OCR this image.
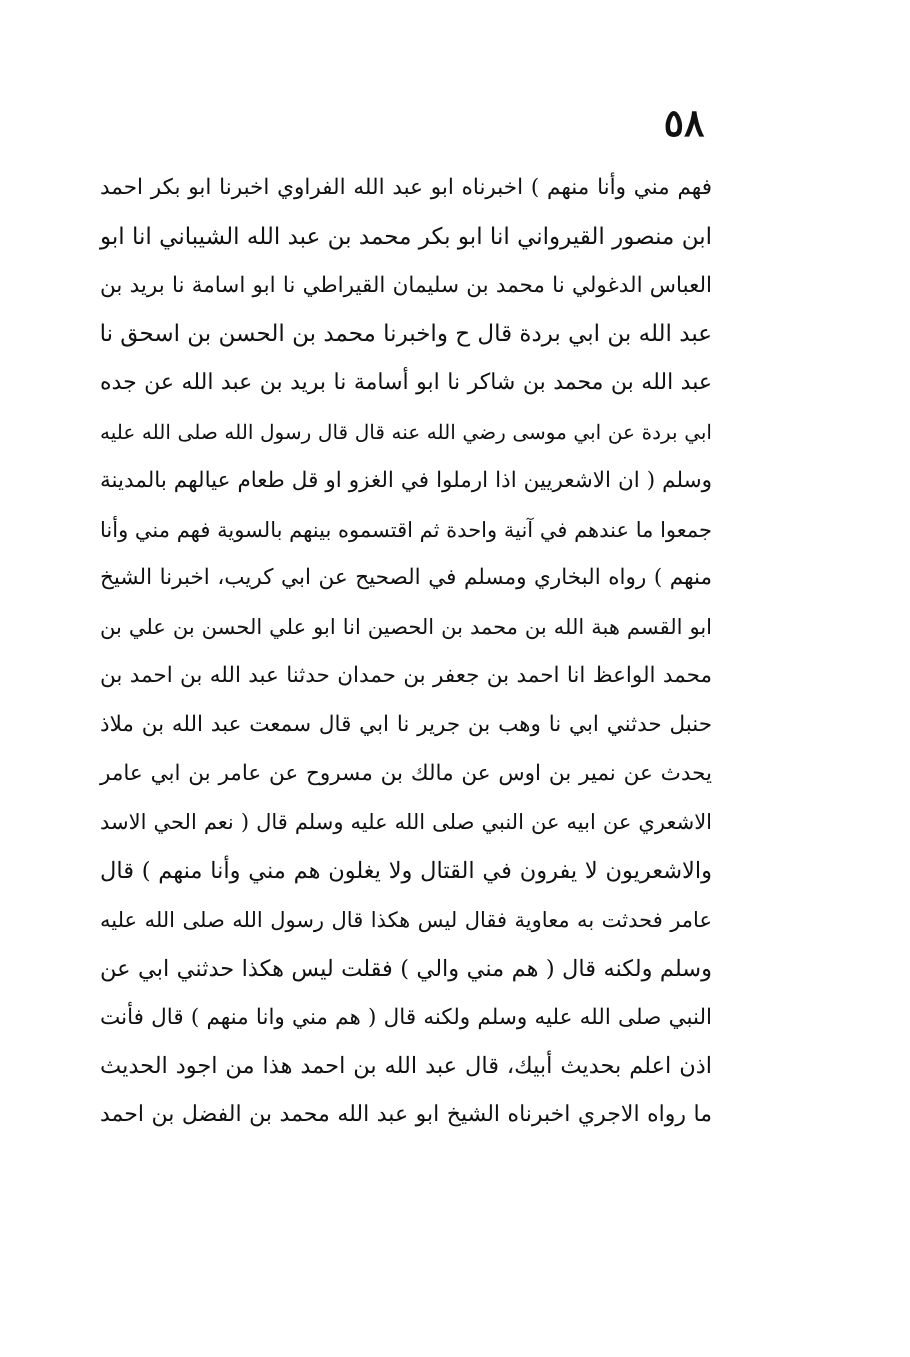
٥٨
فهم مني وأنا منهم ) اخبرناه ابو عبد الله الفراوي اخبرنا ابو بكر احمد
ابن منصور القيرواني انا ابو بكر محمد بن عبد الله الشيباني انا ابو
العباس الدغولي نا محمد بن سليمان القيراطي نا ابو اسامة نا بريد بن
عبد الله بن ابي بردة قال ح واخبرنا محمد بن الحسن بن اسحق نا
عبد الله بن محمد بن شاكر نا ابو أسامة نا بريد بن عبد الله عن جده
ابي بردة عن ابي موسى رضي الله عنه قال قال رسول الله صلى الله عليه
وسلم ( ان الاشعريين اذا ارملوا في الغزو او قل طعام عيالهم بالمدينة
جمعوا ما عندهم في آنية واحدة ثم اقتسموه بينهم بالسوية فهم مني وأنا
منهم ) رواه البخاري ومسلم في الصحيح عن ابي كريب، اخبرنا الشيخ
ابو القسم هبة الله بن محمد بن الحصين انا ابو علي الحسن بن علي بن
محمد الواعظ انا احمد بن جعفر بن حمدان حدثنا عبد الله بن احمد بن
حنبل حدثني ابي نا وهب بن جرير نا ابي قال سمعت عبد الله بن ملاذ
يحدث عن نمير بن اوس عن مالك بن مسروح عن عامر بن ابي عامر
الاشعري عن ابيه عن النبي صلى الله عليه وسلم قال ( نعم الحي الاسد
والاشعريون لا يفرون في القتال ولا يغلون هم مني وأنا منهم ) قال
عامر فحدثت به معاوية فقال ليس هكذا قال رسول الله صلى الله عليه
وسلم ولكنه قال ( هم مني والي ) فقلت ليس هكذا حدثني ابي عن
النبي صلى الله عليه وسلم ولكنه قال ( هم مني وانا منهم ) قال فأنت
اذن اعلم بحديث أبيك، قال عبد الله بن احمد هذا من اجود الحديث
ما رواه الاجري اخبرناه الشيخ ابو عبد الله محمد بن الفضل بن احمد
